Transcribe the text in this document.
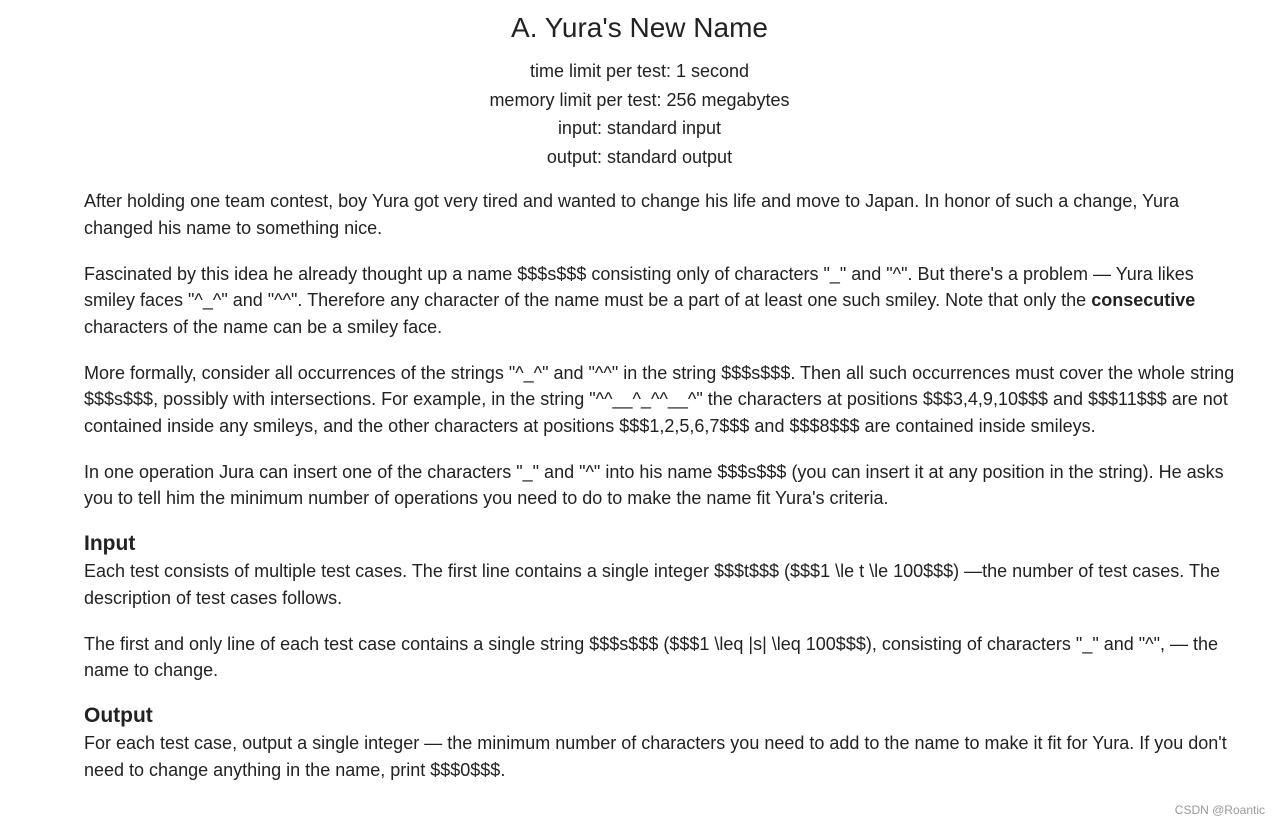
A. Yura's New Name
time limit per test: 1 second
memory limit per test: 256 megabytes
input: standard input
output: standard output

After holding one team contest, boy Yura got very tired and wanted to change his life and move to Japan. In honor of such a change, Yura changed his name to something nice.

Fascinated by this idea he already thought up a name $$$s$$$ consisting only of characters "_" and "^". But there's a problem — Yura likes smiley faces "^_^" and "^^". Therefore any character of the name must be a part of at least one such smiley. Note that only the consecutive characters of the name can be a smiley face.

More formally, consider all occurrences of the strings "^_^" and "^^" in the string $$$s$$$. Then all such occurrences must cover the whole string $$$s$$$, possibly with intersections. For example, in the string "^^__^_^^__^" the characters at positions $$$3,4,9,10$$$ and $$$11$$$ are not contained inside any smileys, and the other characters at positions $$$1,2,5,6,7$$$ and $$$8$$$ are contained inside smileys.

In one operation Jura can insert one of the characters "_" and "^" into his name $$$s$$$ (you can insert it at any position in the string). He asks you to tell him the minimum number of operations you need to do to make the name fit Yura's criteria.

Input

Each test consists of multiple test cases. The first line contains a single integer $$$t$$$ ($$$1 \le t \le 100$$$) —the number of test cases. The description of test cases follows.

The first and only line of each test case contains a single string $$$s$$$ ($$$1 \leq |s| \leq 100$$$), consisting of characters "_" and "^", — the name to change.

Output

For each test case, output a single integer — the minimum number of characters you need to add to the name to make it fit for Yura. If you don't need to change anything in the name, print $$$0$$$.

CSDN @Roantic
